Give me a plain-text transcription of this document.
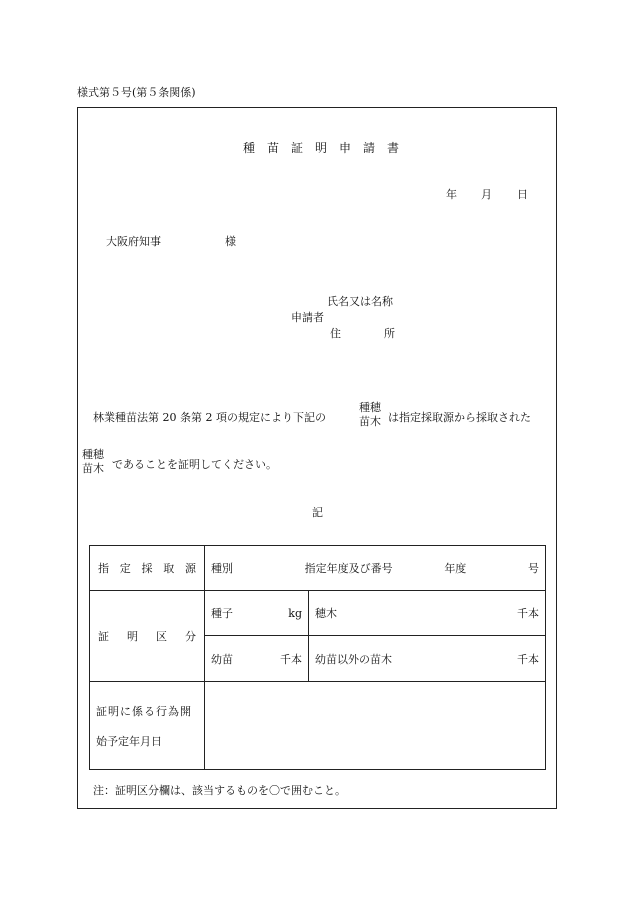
様式第５号(第５条関係)
種　苗　証　明　申　請　書
年 月 日
大阪府知事	様
氏名又は名称
申請者
住	所
林業種苗法第 20 条第 2 項の規定により下記の
種穂
苗木 は指定採取源から採取された
種穂
苗木 であることを証明してください。
記
指 定 採 取 源	種別 指定年度及び番号 年度 号	

証 明 区 分	種子 kg	穂木 千本

	幼苗 千本	幼苗以外の苗木 千本

証明に係る行為開
始予定年月日		

注：証明区分欄は、該当するものを〇で囲むこと。
